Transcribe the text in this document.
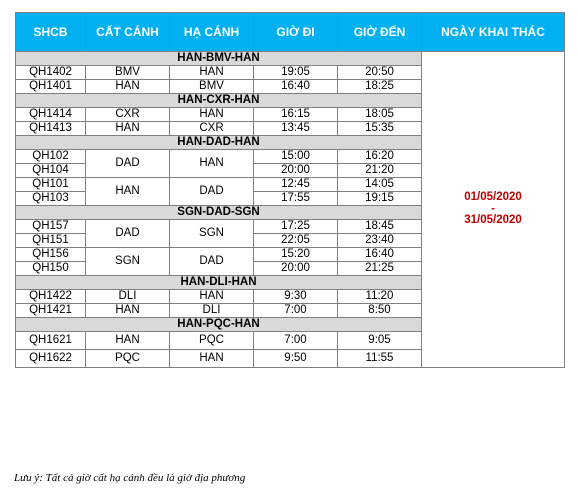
SHCB	CẤT CÁNH	HẠ CÁNH	GIỜ ĐI	GIỜ ĐẾN	NGÀY KHAI THÁC
HAN-BMV-HAN					01/05/2020
-
31/05/2020
QH1402	BMV	HAN	19:05	20:50	
QH1401	HAN	BMV	16:40	18:25	
HAN-CXR-HAN					
QH1414	CXR	HAN	16:15	18:05	
QH1413	HAN	CXR	13:45	15:35	
HAN-DAD-HAN					
QH102	DAD	HAN	15:00	16:20	
QH104			20:00	21:20	
QH101	HAN	DAD	12:45	14:05	
QH103			17:55	19:15	
SGN-DAD-SGN					
QH157	DAD	SGN	17:25	18:45	
QH151			22:05	23:40	
QH156	SGN	DAD	15:20	16:40	
QH150			20:00	21:25	
HAN-DLI-HAN					
QH1422	DLI	HAN	9:30	11:20	
QH1421	HAN	DLI	7:00	8:50	
HAN-PQC-HAN					
QH1621	HAN	PQC	7:00	9:05	
QH1622	PQC	HAN	9:50	11:55	
Lưu ý: Tất cả giờ cất hạ cánh đều là giờ địa phương
